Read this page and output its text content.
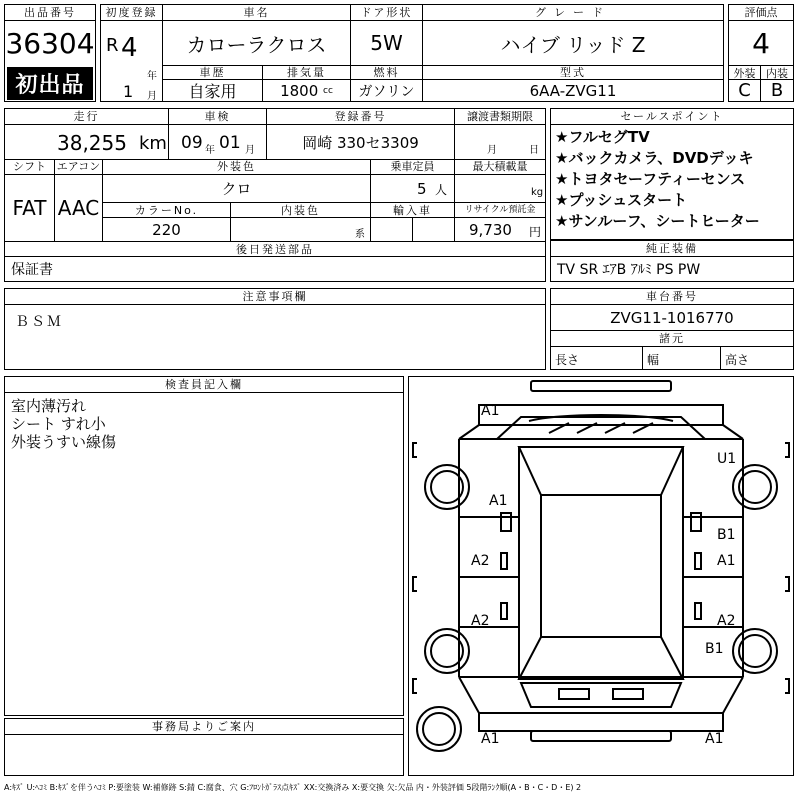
出品番号
36304
初出品
初度登録
R 4
年
1 月
車名
カローラクロス
ドア形状
5W
グレード
ハイブ リッド Z
車歴
自家用
排気量
1800
cc
燃料
ガソリン
型式
6AA-ZVG11
評価点
4
外装 内装
C	B
走行	車検	登録番号	譲渡書類期限
38,255 km 09 年 01 月	岡崎 330セ3309	月	日
シフト エアコン
FAT AAC
外装色
クロ
乗車定員
5 人
最大積載量
kg
カラーNo.
220
内装色
系
輸入車	リサイクル預託金
9,730 円
後日発送部品
保証書
セールスポイント
★フルセグTV
★バックカメラ、DVDデッキ
★トヨタセーフティーセンス
★プッシュスタート
★サンルーフ、シートヒーター
純正装備
TV SR ｴｱB ｱﾙﾐ PS PW
注意事項欄
ＢＳＭ
車台番号
ZVG11-1016770
諸元
長さ	幅	高さ
検査員記入欄
室内薄汚れ
シート すれ小
外装うすい線傷
事務局よりご案内
A1
U1
A1
B1
A2	A1
A2	A2
B1
A1	A1
A:ｷｽﾞ U:ﾍｺﾐ B:ｷｽﾞを伴うﾍｺﾐ P:要塗装 W:補修跡 S:錆 C:腐食、穴 G:ﾌﾛﾝﾄｶﾞﾗｽ点ｷｽﾞ XX:交換済み X:要交換 欠:欠品 内・外装評価 5段階ﾗﾝｸ順(A・B・C・D・E) 2
